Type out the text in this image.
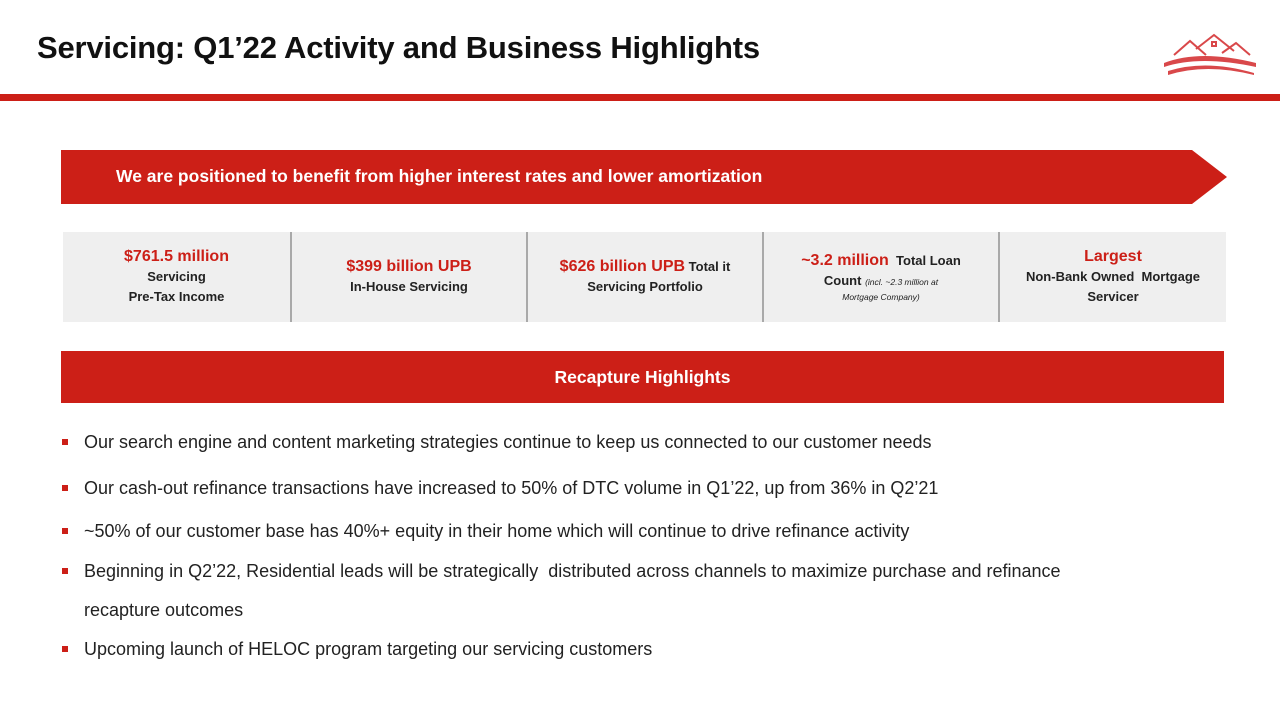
Servicing: Q1’22 Activity and Business Highlights
We are positioned to benefit from higher interest rates and lower amortization
$761.5 million
Servicing
Pre-Tax Income
$399 billion UPB
In-House Servicing
$626 billion UPB Total it
Servicing Portfolio
~3.2 million Total Loan
Count (incl. ~2.3 million at
Mortgage Company)
Largest
Non-Bank Owned  Mortgage
Servicer
Recapture Highlights
Our search engine and content marketing strategies continue to keep us connected to our customer needs
Our cash-out refinance transactions have increased to 50% of DTC volume in Q1’22, up from 36% in Q2’21
~50% of our customer base has 40%+ equity in their home which will continue to drive refinance activity
Beginning in Q2’22, Residential leads will be strategically  distributed across channels to maximize purchase and refinance
recapture outcomes
Upcoming launch of HELOC program targeting our servicing customers
